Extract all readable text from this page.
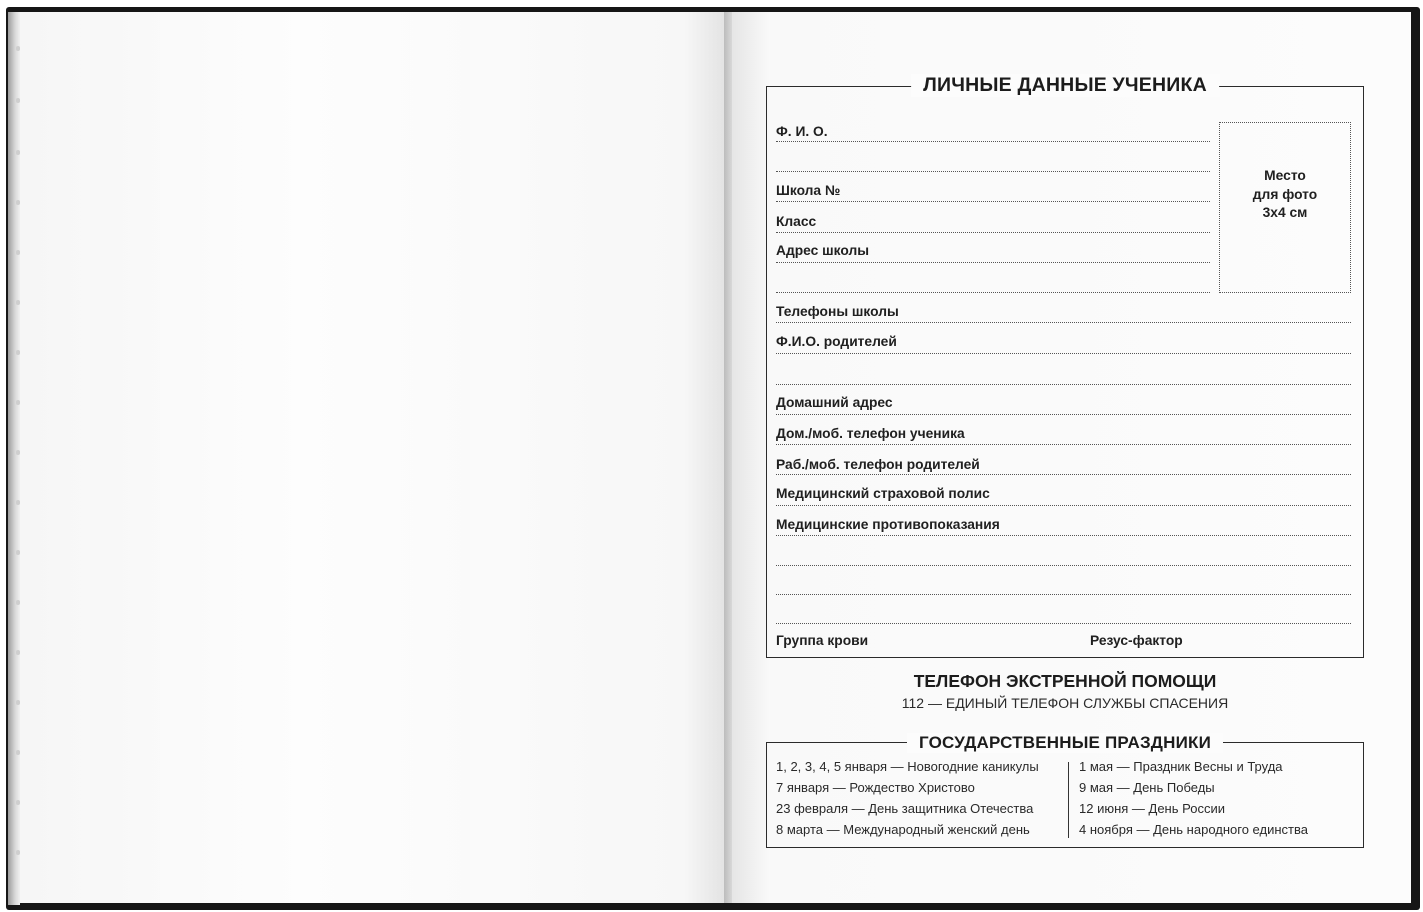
ЛИЧНЫЕ ДАННЫЕ УЧЕНИКА
Ф. И. О.
Школа №
Класс
Адрес школы
Место
для фото
3х4 см
Телефоны школы
Ф.И.О. родителей
Домашний адрес
Дом./моб. телефон ученика
Раб./моб. телефон родителей
Медицинский страховой полис
Медицинские противопоказания
Группа крови	Резус-фактор
ТЕЛЕФОН ЭКСТРЕННОЙ ПОМОЩИ
112 — ЕДИНЫЙ ТЕЛЕФОН СЛУЖБЫ СПАСЕНИЯ
ГОСУДАРСТВЕННЫЕ ПРАЗДНИКИ
1, 2, 3, 4, 5 января — Новогодние каникулы
7 января — Рождество Христово
23 февраля — День защитника Отечества
8 марта — Международный женский день
1 мая — Праздник Весны и Труда
9 мая — День Победы
12 июня — День России
4 ноября — День народного единства
